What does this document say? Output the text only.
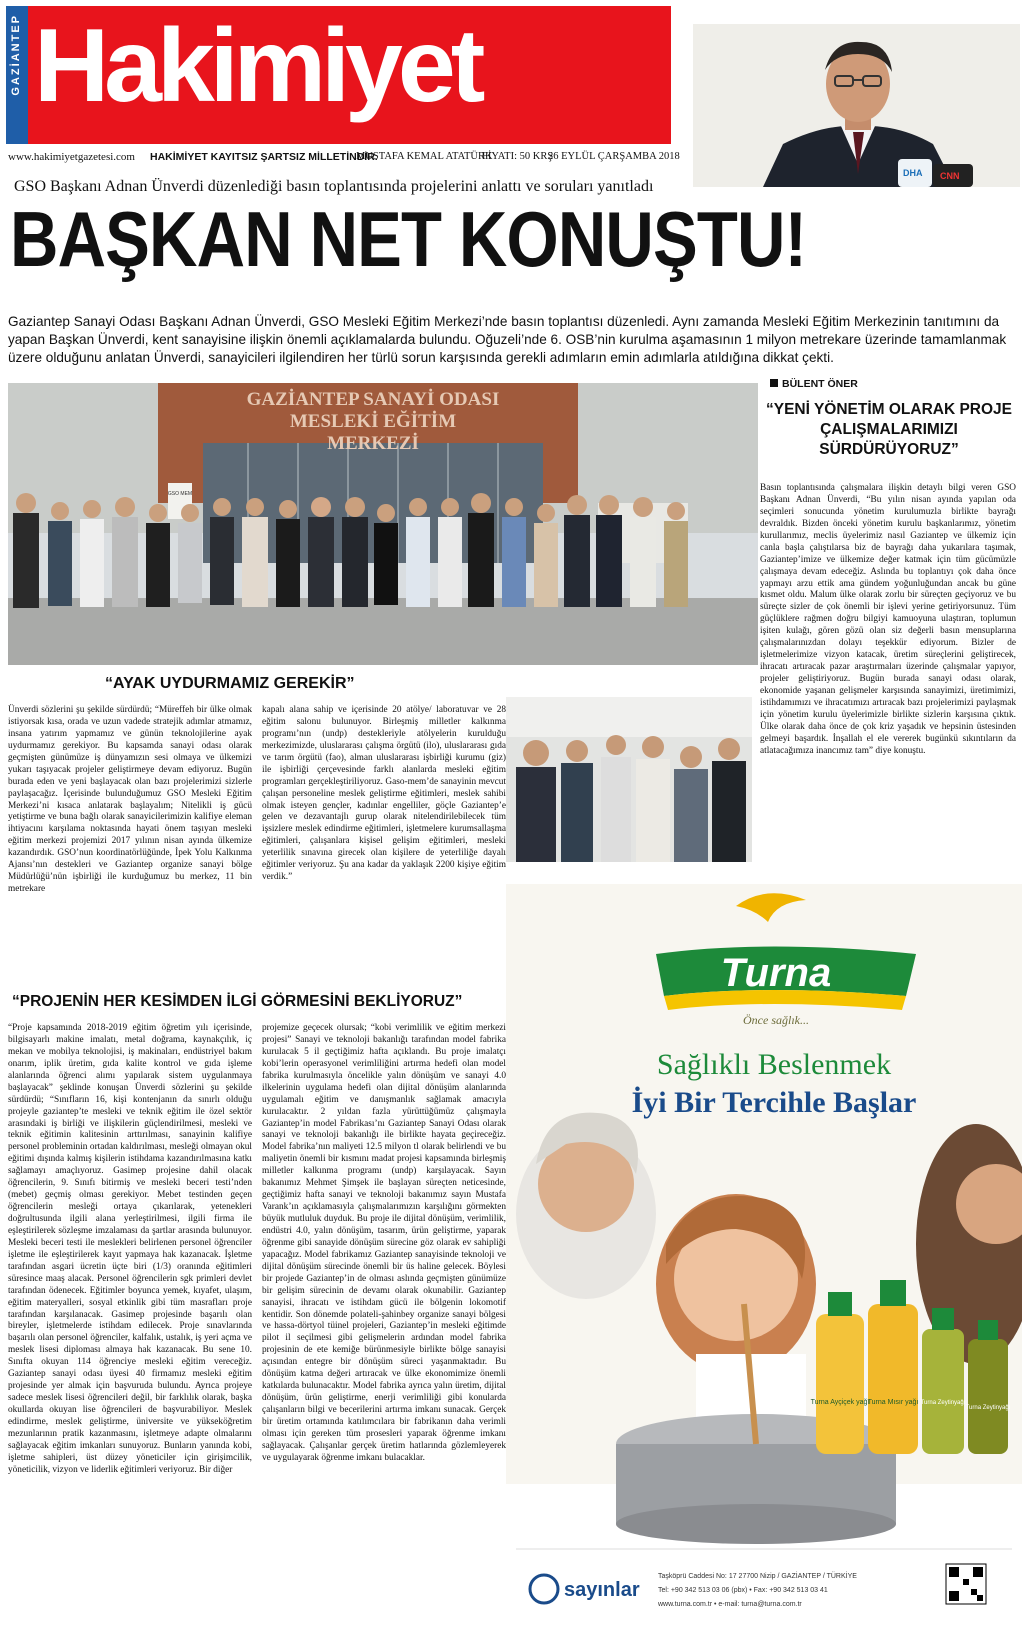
GAZİANTEP Hakimiyet
www.hakimiyetgazetesi.com HAKİMİYET KAYITSIZ ŞARTSIZ MİLLETİNDİR.
MUSTAFA KEMAL ATATÜRK
FİYATI: 50 KRŞ
26 EYLÜL ÇARŞAMBA 2018
DHA CNN
GSO Başkanı Adnan Ünverdi düzenlediği basın toplantısında projelerini anlattı ve soruları yanıtladı
BAŞKAN NET KONUŞTU!
Gaziantep Sanayi Odası Başkanı Adnan Ünverdi, GSO Mesleki Eğitim Merkezi’nde basın toplantısı düzenledi. Aynı zamanda Mesleki Eğitim Merkezinin tanıtımını da yapan Başkan Ünverdi, kent sanayisine ilişkin önemli açıklamalarda bulundu. Oğuzeli’nde 6. OSB’nin kurulma aşamasının 1 milyon metrekare üzerinde tamamlanmak üzere olduğunu anlatan Ünverdi, sanayicileri ilgilendiren her türlü sorun karşısında gerekli adımların emin adımlarla atıldığına dikkat çekti.
GAZİANTEP SANAYİ ODASI
MESLEKİ EĞİTİM
MERKEZİ
GSO MEM
BÜLENT ÖNER
“YENİ YÖNETİM OLARAK PROJE ÇALIŞMALARIMIZI SÜRDÜRÜYORUZ”

Basın toplantısında çalışmalara ilişkin detaylı bilgi veren GSO Başkanı Adnan Ünverdi, “Bu yılın nisan ayında yapılan oda seçimleri sonucunda yönetim kurulumuzla birlikte bayrağı devraldık. Bizden önceki yönetim kurulu başkanlarımız, yönetim kurullarımız, meclis üyelerimiz nasıl Gaziantep ve ülkemiz için canla başla çalıştılarsa biz de bayrağı daha yukarılara taşımak, Gaziantep’imize ve ülkemize değer katmak için tüm gücümüzle çalışmaya devam edeceğiz. Aslında bu toplantıyı çok daha önce yapmayı arzu ettik ama gündem yoğunluğundan ancak bu güne kısmet oldu. Malum ülke olarak zorlu bir süreçten geçiyoruz ve bu süreçte sizler de çok önemli bir işlevi yerine getiriyorsunuz. Tüm güçlüklere rağmen doğru bilgiyi kamuoyuna ulaştıran, toplumun işiten kulağı, gören gözü olan siz değerli basın mensuplarına çalışmalarınızdan dolayı teşekkür ediyorum. Bizler de işletmelerimize vizyon katacak, üretim süreçlerini geliştirecek, ihracatı artıracak pazar araştırmaları üzerinde çalışmalar yapıyor, projeler geliştiriyoruz. Bugün burada sanayi odası olarak, ekonomide yaşanan gelişmeler karşısında sanayimizi, üretimimizi, istihdamımızı ve ihracatımızı artıracak bazı projelerimizi paylaşmak için yönetim kurulu üyelerimizle birlikte sizlerin karşısına çıktık. Ülke olarak daha önce de çok kriz yaşadık ve hepsinin üstesinden gelmeyi başardık. İnşallah el ele vererek bugünkü sıkıntıların da atlatacağımıza inancımız tam” diye konuştu.

“AYAK UYDURMAMIZ GEREKİR”

Ünverdi sözlerini şu şekilde sürdürdü; “Müreffeh bir ülke olmak istiyorsak kısa, orada ve uzun vadede stratejik adımlar atmamız, insana yatırım yapmamız ve günün teknolojilerine ayak uydurmamız gerekiyor. Bu kapsamda sanayi odası olarak geçmişten günümüze iş dünyamızın sesi olmaya ve ülkemizi yukarı taşıyacak projeler geliştirmeye devam ediyoruz. Bugün burada eden ve yeni başlayacak olan bazı projelerimizi sizlerle paylaşacağız. İçerisinde bulunduğumuz GSO Mesleki Eğitim Merkezi’ni kısaca anlatarak başlayalım; Nitelikli iş gücü yetiştirme ve buna bağlı olarak sanayicilerimizin kalifiye eleman ihtiyacını karşılama noktasında hayati önem taşıyan mesleki eğitim merkezi projemizi 2017 yılının nisan ayında ülkemize kazandırdık. GSO’nun koordinatörlüğünde, İpek Yolu Kalkınma Ajansı’nın destekleri ve Gaziantep organize sanayi bölge Müdürlüğü’nün işbirliği ile kurduğumuz bu merkez, 11 bin metrekare

kapalı alana sahip ve içerisinde 20 atölye/ laboratuvar ve 28 eğitim salonu bulunuyor. Birleşmiş milletler kalkınma programı’nın (undp) destekleriyle atölyelerin kurulduğu merkezimizde, uluslararası çalışma örgütü (ilo), uluslararası gıda ve tarım örgütü (fao), alman uluslararası işbirliği kurumu (giz) ile işbirliği çerçevesinde farklı alanlarda mesleki eğitim programları gerçekleştiriliyoruz. Gaso-mem’de sanayinin mevcut çalışan personeline meslek geliştirme eğitimleri, meslek sahibi olmak isteyen gençler, kadınlar engelliler, göçle Gaziantep’e gelen ve dezavantajlı gurup olarak nitelendirilebilecek tüm işsizlere meslek edindirme eğitimleri, işletmelere kurumsallaşma eğitimleri, çalışanlara kişisel gelişim eğitimleri, mesleki yeterlilik sınavına girecek olan kişilere de yeterliliğe dayalı eğitimler veriyoruz. Şu ana kadar da yaklaşık 2200 kişiye eğitim verdik.”

“PROJENİN HER KESİMDEN İLGİ GÖRMESİNİ BEKLİYORUZ”

“Proje kapsamında 2018-2019 eğitim öğretim yılı içerisinde, bilgisayarlı makine imalatı, metal doğrama, kaynakçılık, iç mekan ve mobilya teknolojisi, iş makinaları, endüstriyel bakım onarım, iplik üretim, gıda kalite kontrol ve gıda işleme alanlarında öğrenci alımı yapılarak sistem uygulanmaya başlayacak” şeklinde konuşan Ünverdi sözlerini şu şekilde sürdürdü; “Sınıfların 16, kişi kontenjanın da sınırlı olduğu projeyle gaziantep’te mesleki ve teknik eğitim ile özel sektör arasındaki iş birliği ve ilişkilerin güçlendirilmesi, mesleki ve teknik eğitimin kalitesinin arttırılması, sanayinin kalifiye personel probleminin ortadan kaldırılması, mesleği olmayan okul eğitimi dışında kalmış kişilerin istihdama kazandırılmasına katkı sağlamayı amaçlıyoruz. Gasimep projesine dahil olacak öğrencilerin, 9. Sınıfı bitirmiş ve mesleki beceri testi’nden (mebet) geçmiş olması gerekiyor. Mebet testinden geçen öğrencilerin mesleği ortaya çıkarılarak, yetenekleri doğrultusunda ilgili alana yerleştirilmesi, ilgili firma ile eşleştirilerek sözleşme imzalaması da şartlar arasında bulunuyor. Mesleki beceri testi ile meslekleri belirlenen personel öğrenciler işletme ile eşleştirilerek kayıt yapmaya hak kazanacak. İşletme tarafından asgari ücretin üçte biri (1/3) oranında eğitimleri süresince maaş alacak. Personel öğrencilerin sgk primleri devlet tarafından ödenecek. Eğitimler boyunca yemek, kıyafet, ulaşım, eğitim materyalleri, sosyal etkinlik gibi tüm masrafları proje tarafından karşılanacak. Gasimep projesinde başarılı olan bireyler, işletmelerde istihdam edilecek. Proje sınavlarında başarılı olan personel öğrenciler, kalfalık, ustalık, iş yeri açma ve meslek lisesi diploması almaya hak kazanacak. Bu sene 10. Sınıfta okuyan 114 öğrenciye mesleki eğitim vereceğiz. Gaziantep sanayi odası üyesi 40 firmamız mesleki eğitim projesinde yer almak için başvuruda bulundu. Ayrıca projeye sadece meslek lisesi öğrencileri değil, bir farklılık olarak, başka okullarda okuyan lise öğrencileri de başvurabiliyor. Meslek edindirme, meslek geliştirme, üniversite ve yükseköğretim mezunlarının pratik kazanmasını, işletmeye adapte olmalarını sağlayacak eğitim imkanları sunuyoruz. Bunların yanında kobi, işletme sahipleri, üst düzey yöneticiler için girişimcilik, yöneticilik, vizyon ve liderlik eğitimleri veriyoruz. Bir diğer

projemize geçecek olursak; “kobi verimlilik ve eğitim merkezi projesi” Sanayi ve teknoloji bakanlığı tarafından model fabrika kurulacak 5 il geçtiğimiz hafta açıklandı. Bu proje imalatçı kobi’lerin operasyonel verimliliğini artırma hedefi olan model fabrika kurulmasıyla öncelikle yalın dönüşüm ve sanayi 4.0 ilkelerinin uygulama hedefi olan dijital dönüşüm alanlarında uygulamalı eğitim ve danışmanlık sağlamak amacıyla kurulacaktır. 2 yıldan fazla yürüttüğümüz çalışmayla Gaziantep’in model Fabrikası’nı Gaziantep Sanayi Odası olarak sanayi ve teknoloji bakanlığı ile birlikte hayata geçireceğiz. Model fabrika’nın maliyeti 12.5 milyon tl olarak belirlendi ve bu maliyetin önemli bir kısmını madat projesi kapsamında birleşmiş milletler kalkınma programı (undp) karşılayacak. Sayın bakanımız Mehmet Şimşek ile başlayan süreçten neticesinde, geçtiğimiz hafta sanayi ve teknoloji bakanımız sayın Mustafa Varank’ın açıklamasıyla çalışmalarımızın karşılığını görmekten büyük mutluluk duyduk. Bu proje ile dijital dönüşüm, verimlilik, endüstri 4.0, yalın dönüşüm, tasarım, ürün geliştirme, yaparak öğrenme gibi sanayide dönüşüm sürecine göz olarak ev sahipliği yapacağız. Model fabrikamız Gaziantep sanayisinde teknoloji ve dijital dönüşüm sürecinde önemli bir üs haline gelecek. Böylesi bir projede Gaziantep’in de olması aslında geçmişten günümüze bir gelişim sürecinin de devamı olarak okunabilir. Gaziantep sanayisi, ihracatı ve istihdam gücü ile bölgenin lokomotif kentidir. Son dönemde polateli-şahinbey organize sanayi bölgesi ve hassa-dörtyol tüinel projeleri, Gaziantep’in mesleki eğitimde pilot il seçilmesi gibi gelişmelerin ardından model fabrika projesinin de ete kemiğe bürünmesiyle birlikte bölge sanayisi açısından entegre bir dönüşüm süreci yaşanmaktadır. Bu dönüşüm katma değeri artıracak ve ülke ekonomimize önemli katkılarda bulunacaktır. Model fabrika ayrıca yalın üretim, dijital dönüşüm, ürün geliştirme, enerji verimliliği gibi konularda çalışanların bilgi ve becerilerini artırma imkanı sunacak. Gerçek bir üretim ortamında katılımcılara bir fabrikanın daha verimli olması için gereken tüm prosesleri yaparak öğrenme imkanı sağlayacak. Çalışanlar gerçek üretim hatlarında gözlemleyerek ve uygulayarak öğrenme imkanı bulacaklar.

Turna
Önce sağlık...
Sağlıklı Beslenmek
İyi Bir Tercihle Başlar
Turna Ayçiçek yağı
Turna Mısır yağı Turna Zeytinyağı
Turna Zeytinyağı
sayınlar
Taşköprü Caddesi No: 17 27700 Nizip / GAZİANTEP / TÜRKİYE
Tel: +90 342 513 03 06 (pbx) • Fax: +90 342 513 03 41
www.turna.com.tr • e-mail: turna@turna.com.tr
